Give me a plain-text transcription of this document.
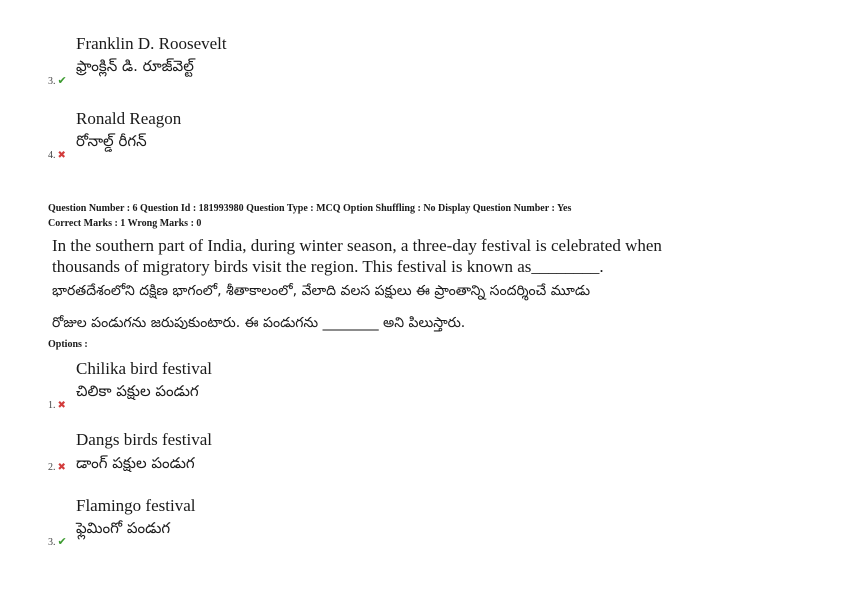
Franklin D. Roosevelt
ఫ్రాంక్లిన్ డి. రూజ్‌వెల్ట్
3. ✔
Ronald Reagon
రోనాల్డ్ రీగన్
4. ✖
Question Number : 6 Question Id : 181993980 Question Type : MCQ Option Shuffling : No Display Question Number : Yes
Correct Marks : 1 Wrong Marks : 0
In the southern part of India, during winter season, a three-day festival is celebrated when
thousands of migratory birds visit the region. This festival is known as________.
భారతదేశంలోని దక్షిణ భాగంలో, శీతాకాలంలో, వేలాది వలస పక్షులు ఈ ప్రాంతాన్ని సందర్శించే మూడు
రోజుల పండుగను జరుపుకుంటారు. ఈ పండుగను ________ అని పిలుస్తారు.
Options :
Chilika bird festival
చిలికా పక్షుల పండుగ
1. ✖
Dangs birds festival
డాంగ్ పక్షుల పండుగ
2. ✖
Flamingo festival
ఫ్లెమింగో పండుగ
3. ✔
